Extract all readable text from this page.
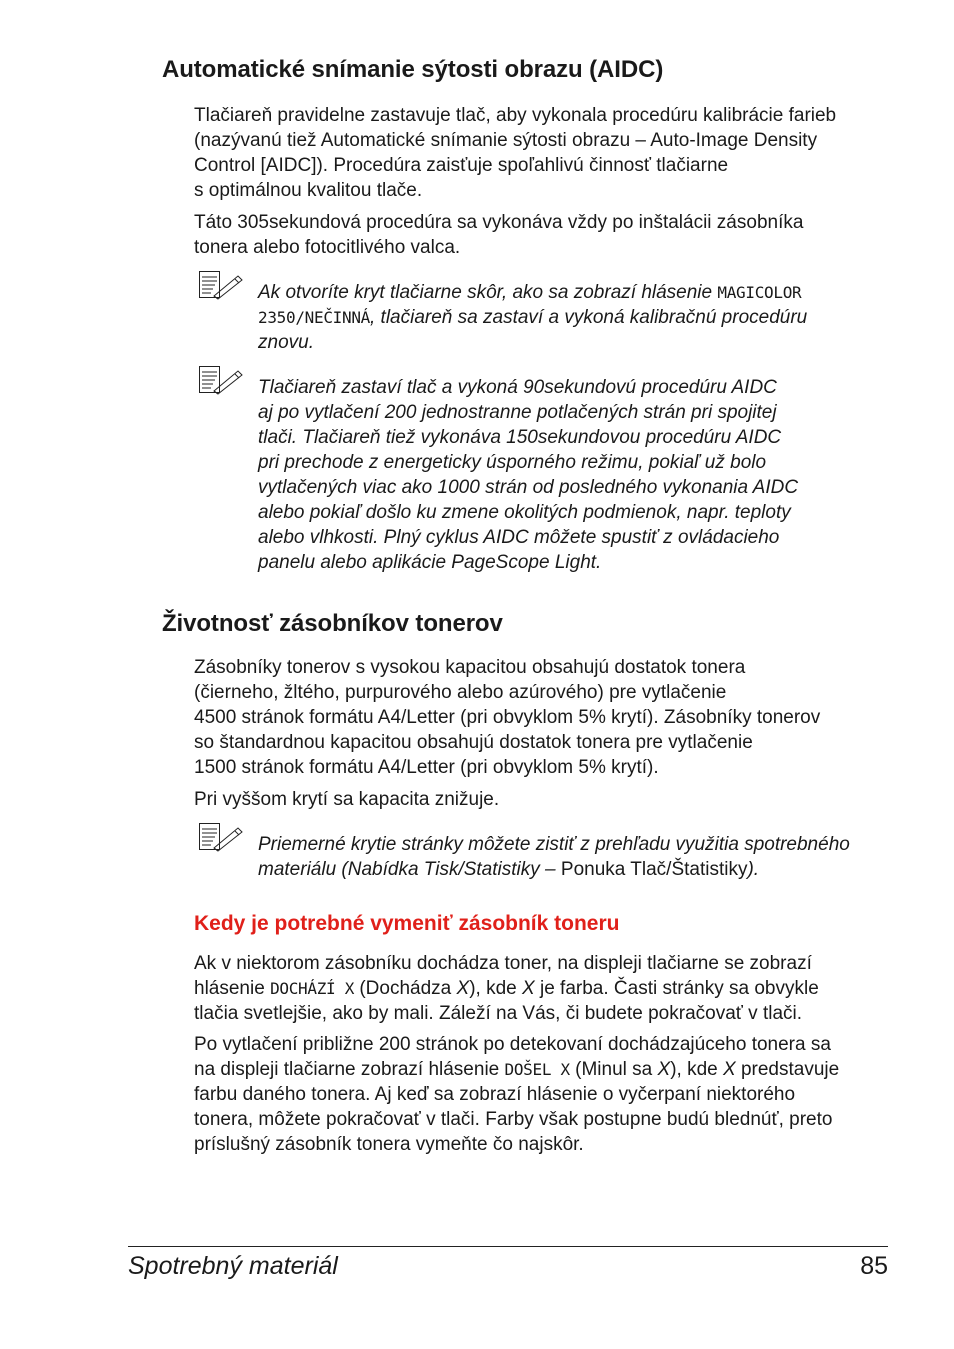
Automatické snímanie sýtosti obrazu (AIDC)
Tlačiareň pravidelne zastavuje tlač, aby vykonala procedúru kalibrácie farieb
(nazývanú tiež Automatické snímanie sýtosti obrazu – Auto-Image Density
Control [AIDC]). Procedúra zaisťuje spoľahlivú činnosť tlačiarne
s optimálnou kvalitou tlače.
Táto 305sekundová procedúra sa vykonáva vždy po inštalácii zásobníka
tonera alebo fotocitlivého valca.
Ak otvoríte kryt tlačiarne skôr, ako sa zobrazí hlásenie MAGICOLOR
2350/NEČINNÁ, tlačiareň sa zastaví a vykoná kalibračnú procedúru
znovu.
Tlačiareň zastaví tlač a vykoná 90sekundovú procedúru AIDC
aj po vytlačení 200 jednostranne potlačených strán pri spojitej
tlači. Tlačiareň tiež vykonáva 150sekundovou procedúru AIDC
pri prechode z energeticky úsporného režimu, pokiaľ už bolo
vytlačených viac ako 1000 strán od posledného vykonania AIDC
alebo pokiaľ došlo ku zmene okolitých podmienok, napr. teploty
alebo vlhkosti. Plný cyklus AIDC môžete spustiť z ovládacieho
panelu alebo aplikácie PageScope Light.
Životnosť zásobníkov tonerov
Zásobníky tonerov s vysokou kapacitou obsahujú dostatok tonera
(čierneho, žltého, purpurového alebo azúrového) pre vytlačenie
4500 stránok formátu A4/Letter (pri obvyklom 5% krytí). Zásobníky tonerov
so štandardnou kapacitou obsahujú dostatok tonera pre vytlačenie
1500 stránok formátu A4/Letter (pri obvyklom 5% krytí).
Pri vyššom krytí sa kapacita znižuje.
Priemerné krytie stránky môžete zistiť z prehľadu využitia spotrebného
materiálu (Nabídka Tisk/Statistiky – Ponuka Tlač/Štatistiky).
Kedy je potrebné vymeniť zásobník toneru
Ak v niektorom zásobníku dochádza toner, na displeji tlačiarne se zobrazí
hlásenie DOCHÁZÍ X (Dochádza X), kde X je farba. Časti stránky sa obvykle
tlačia svetlejšie, ako by mali. Záleží na Vás, či budete pokračovať v tlači.
Po vytlačení približne 200 stránok po detekovaní dochádzajúceho tonera sa
na displeji tlačiarne zobrazí hlásenie DOŠEL X (Minul sa X), kde X predstavuje
farbu daného tonera. Aj keď sa zobrazí hlásenie o vyčerpaní niektorého
tonera, môžete pokračovať v tlači. Farby však postupne budú blednúť, preto
príslušný zásobník tonera vymeňte čo najskôr.
Spotrebný materiál	85
